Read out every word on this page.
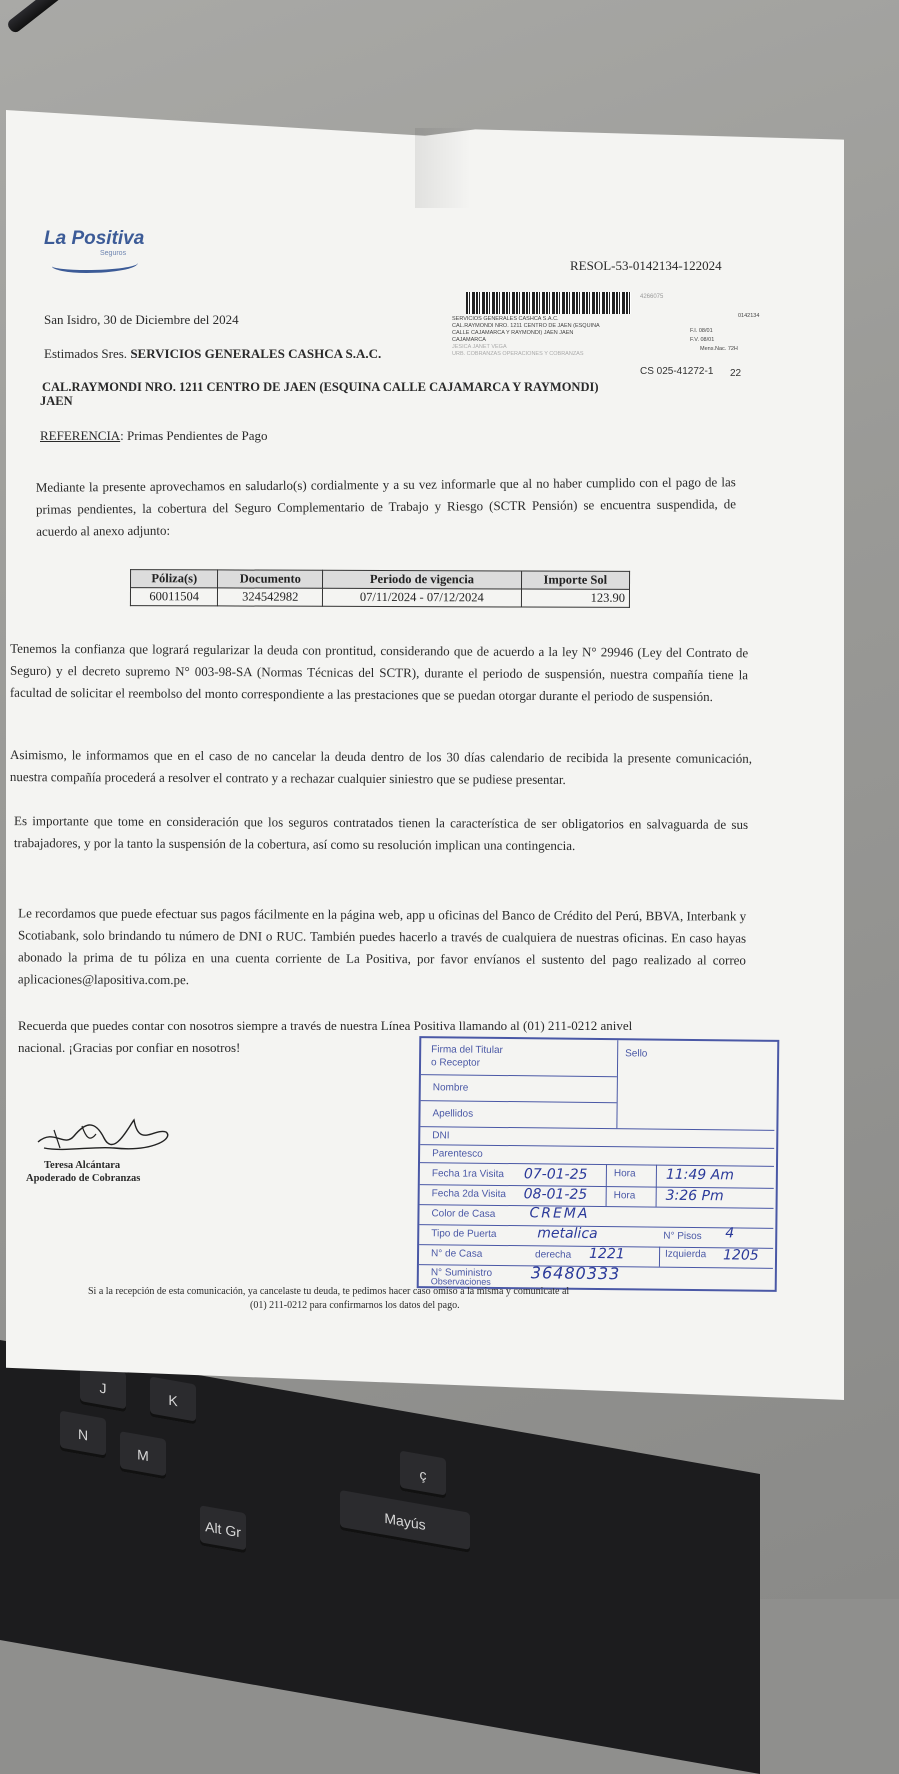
J
K
N
M
Mayús
Alt Gr
ç
La Positiva
Seguros
RESOL-53-0142134-122024
4266075
SERVICIOS GENERALES CASHCA S.A.C.
CAL.RAYMONDI NRO. 1211 CENTRO DE JAEN (ESQUINA
CALLE CAJAMARCA Y RAYMONDI) JAEN JAEN
CAJAMARCA
JESICA JANET VEGA
URB. COBRANZAS OPERACIONES Y COBRANZAS
0142134
F.I. 08/01
F.V. 08/01
Mens.Nac. 72H
CS 025-41272-1 22
San Isidro, 30 de Diciembre del 2024
Estimados Sres. SERVICIOS GENERALES CASHCA S.A.C.
CAL.RAYMONDI NRO. 1211 CENTRO DE JAEN (ESQUINA CALLE CAJAMARCA Y RAYMONDI)
JAEN
REFERENCIA: Primas Pendientes de Pago
Mediante la presente aprovechamos en saludarlo(s) cordialmente y a su vez informarle que al no haber cumplido con el pago de las primas pendientes, la cobertura del Seguro Complementario de Trabajo y Riesgo (SCTR Pensión) se encuentra suspendida, de acuerdo al anexo adjunto:
Póliza(s)	Documento	Periodo de vigencia	Importe Sol
60011504	324542982	07/11/2024 - 07/12/2024	123.90
Tenemos la confianza que logrará regularizar la deuda con prontitud, considerando que de acuerdo a la ley N° 29946 (Ley del Contrato de Seguro) y el decreto supremo N° 003-98-SA (Normas Técnicas del SCTR), durante el periodo de suspensión, nuestra compañía tiene la facultad de solicitar el reembolso del monto correspondiente a las prestaciones que se puedan otorgar durante el periodo de suspensión.
Asimismo, le informamos que en el caso de no cancelar la deuda dentro de los 30 días calendario de recibida la presente comunicación, nuestra compañía procederá a resolver el contrato y a rechazar cualquier siniestro que se pudiese presentar.
Es importante que tome en consideración que los seguros contratados tienen la característica de ser obligatorios en salvaguarda de sus trabajadores, y por la tanto la suspensión de la cobertura, así como su resolución implican una contingencia.
Le recordamos que puede efectuar sus pagos fácilmente en la página web, app u oficinas del Banco de Crédito del Perú, BBVA, Interbank y Scotiabank, solo brindando tu número de DNI o RUC. También puedes hacerlo a través de cualquiera de nuestras oficinas. En caso hayas abonado la prima de tu póliza en una cuenta corriente de La Positiva, por favor envíanos el sustento del pago realizado al correo aplicaciones@lapositiva.com.pe.
Recuerda que puedes contar con nosotros siempre a través de nuestra Línea Positiva llamando al (01) 211-0212 anivel
nacional. ¡Gracias por confiar en nosotros!
Teresa Alcántara
Apoderado de Cobranzas
Firma del Titular
o Receptor
Sello
Nombre
Apellidos
DNI
Parentesco
Fecha 1ra Visita 07-01-25	Hora 11:49 Am
Fecha 2da Visita 08-01-25	Hora 3:26 Pm
Color de Casa CREMA
Tipo de Puerta	metalica	N° Pisos 4
N° de Casa	derecha 1221	Izquierda 1205
N° Suministro 36480333
Observaciones
Si a la recepción de esta comunicación, ya cancelaste tu deuda, te pedimos hacer caso omiso a la misma y comunicate al
(01) 211-0212 para confirmarnos los datos del pago.
